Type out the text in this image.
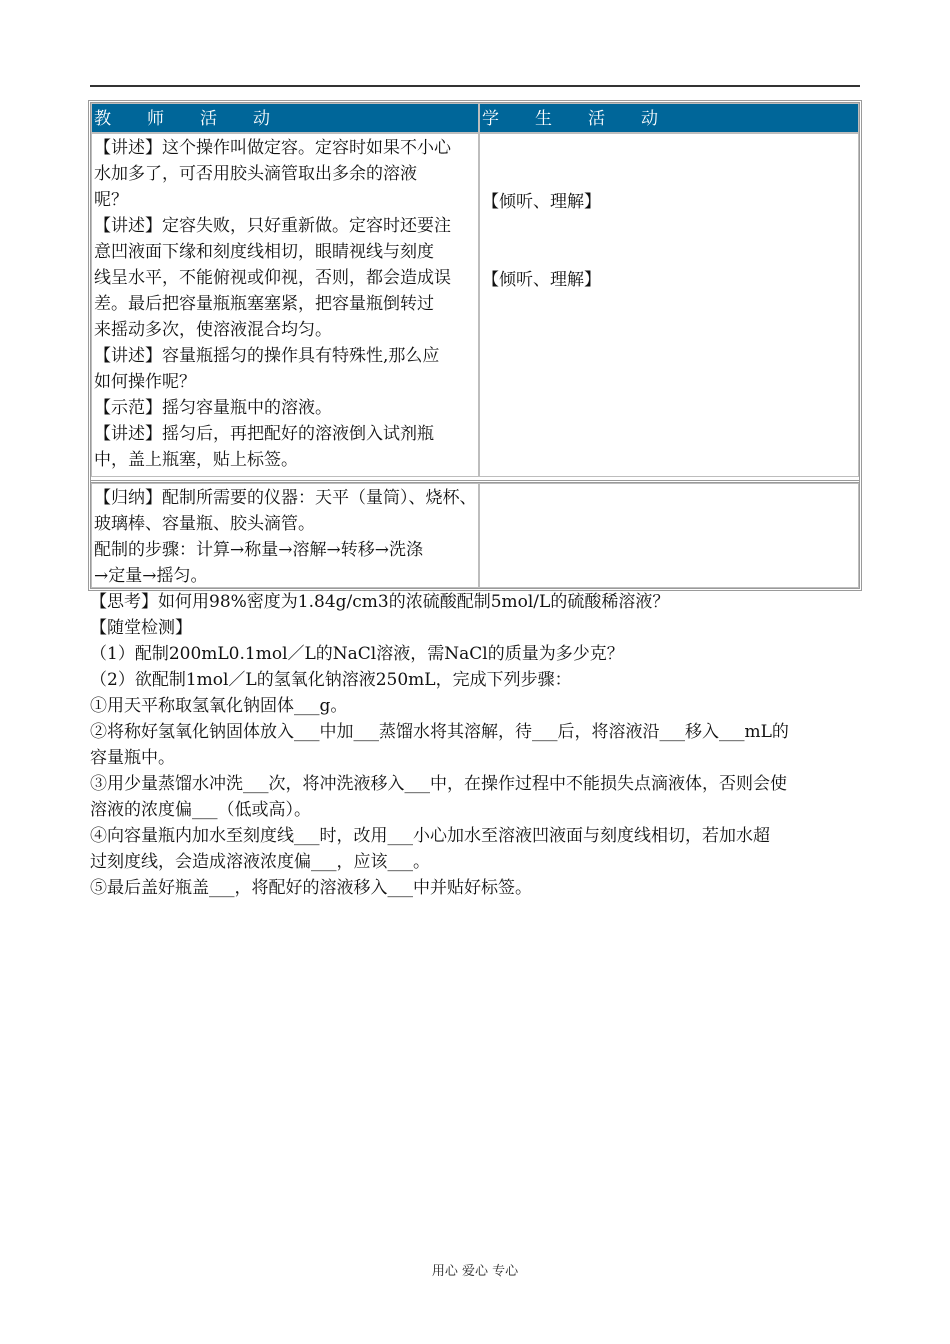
教 师 活 动	学 生 活 动
【讲述】这个操作叫做定容。定容时如果不小心
水加多了，可否用胶头滴管取出多余的溶液
呢？
【讲述】定容失败，只好重新做。定容时还要注
意凹液面下缘和刻度线相切，眼睛视线与刻度
线呈水平，不能俯视或仰视，否则，都会造成误
差。最后把容量瓶瓶塞塞紧，把容量瓶倒转过
来摇动多次，使溶液混合均匀。
【讲述】容量瓶摇匀的操作具有特殊性,那么应
如何操作呢？
【示范】摇匀容量瓶中的溶液。
【讲述】摇匀后，再把配好的溶液倒入试剂瓶
中，盖上瓶塞，贴上标签。
【倾听、理解】
【倾听、理解】
【归纳】配制所需要的仪器：天平（量筒）、烧杯、
玻璃棒、容量瓶、胶头滴管。
配制的步骤：计算→称量→溶解→转移→洗涤
→定量→摇匀。
【思考】如何用98%密度为1.84g/cm3的浓硫酸配制5mol/L的硫酸稀溶液？
【随堂检测】
（1）配制200mL0.1mol／L的NaCl溶液，需NaCl的质量为多少克？
（2）欲配制1mol／L的氢氧化钠溶液250mL，完成下列步骤：
①用天平称取氢氧化钠固体___g。
②将称好氢氧化钠固体放入___中加___蒸馏水将其溶解，待___后，将溶液沿___移入___mL的
容量瓶中。
③用少量蒸馏水冲洗___次，将冲洗液移入___中，在操作过程中不能损失点滴液体，否则会使
溶液的浓度偏___（低或高）。
④向容量瓶内加水至刻度线___时，改用___小心加水至溶液凹液面与刻度线相切，若加水超
过刻度线，会造成溶液浓度偏___，应该___。
⑤最后盖好瓶盖___，将配好的溶液移入___中并贴好标签。
用心 爱心 专心
